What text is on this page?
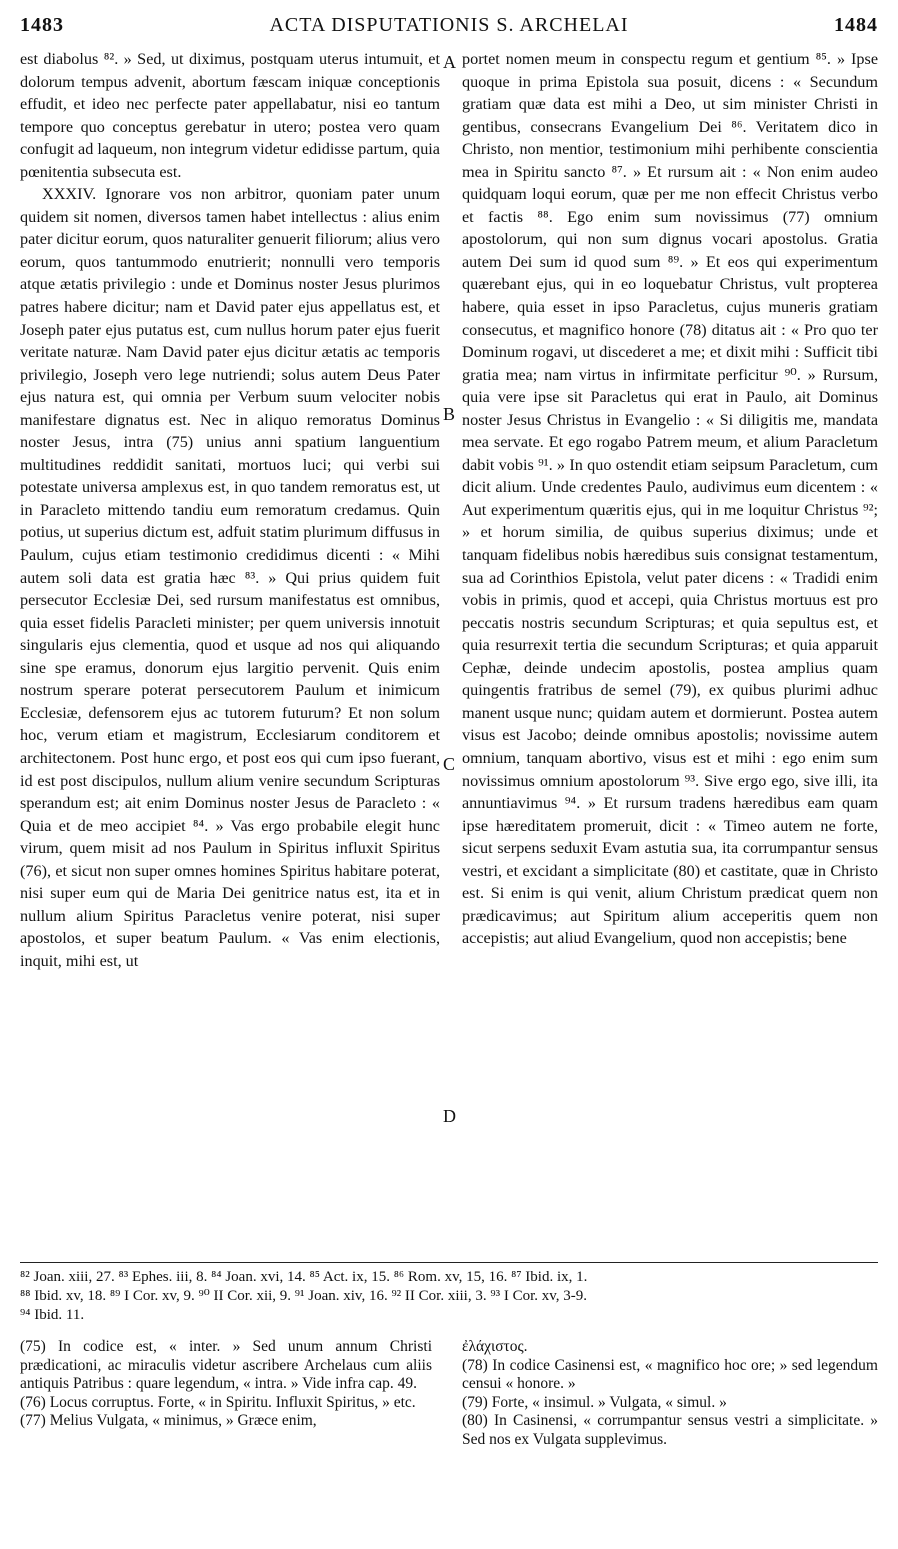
1483	ACTA DISPUTATIONIS S. ARCHELAI	1484

est diabolus ⁸². » Sed, ut diximus, postquam uterus intumuit, et dolorum tempus advenit, abortum fæscam iniquæ conceptionis effudit, et ideo nec perfecte pater appellabatur, nisi eo tantum tempore quo conceptus gerebatur in utero; postea vero quam confugit ad laqueum, non integrum videtur edidisse partum, quia pœnitentia subsecuta est.

XXXIV. Ignorare vos non arbitror, quoniam pater unum quidem sit nomen, diversos tamen habet intellectus : alius enim pater dicitur eorum, quos naturaliter genuerit filiorum; alius vero eorum, quos tantummodo enutrierit; nonnulli vero temporis atque ætatis privilegio : unde et Dominus noster Jesus plurimos patres habere dicitur; nam et David pater ejus appellatus est, et Joseph pater ejus putatus est, cum nullus horum pater ejus fuerit veritate naturæ. Nam David pater ejus dicitur ætatis ac temporis privilegio, Joseph vero lege nutriendi; solus autem Deus Pater ejus natura est, qui omnia per Verbum suum velociter nobis manifestare dignatus est. Nec in aliquo remoratus Dominus noster Jesus, intra (75) unius anni spatium languentium multitudines reddidit sanitati, mortuos luci; qui verbi sui potestate universa amplexus est, in quo tandem remoratus est, ut in Paracleto mittendo tandiu eum remoratum credamus. Quin potius, ut superius dictum est, adfuit statim plurimum diffusus in Paulum, cujus etiam testimonio credidimus dicenti : « Mihi autem soli data est gratia hæc ⁸³. » Qui prius quidem fuit persecutor Ecclesiæ Dei, sed rursum manifestatus est omnibus, quia esset fidelis Paracleti minister; per quem universis innotuit singularis ejus clementia, quod et usque ad nos qui aliquando sine spe eramus, donorum ejus largitio pervenit. Quis enim nostrum sperare poterat persecutorem Paulum et inimicum Ecclesiæ, defensorem ejus ac tutorem futurum? Et non solum hoc, verum etiam et magistrum, Ecclesiarum conditorem et architectonem. Post hunc ergo, et post eos qui cum ipso fuerant, id est post discipulos, nullum alium venire secundum Scripturas sperandum est; ait enim Dominus noster Jesus de Paracleto : « Quia et de meo accipiet ⁸⁴. » Vas ergo probabile elegit hunc virum, quem misit ad nos Paulum in Spiritus influxit Spiritus (76), et sicut non super omnes homines Spiritus habitare poterat, nisi super eum qui de Maria Dei genitrice natus est, ita et in nullum alium Spiritus Paracletus venire poterat, nisi super apostolos, et super beatum Paulum. « Vas enim electionis, inquit, mihi est, ut

A
B
C
D

portet nomen meum in conspectu regum et gentium ⁸⁵. » Ipse quoque in prima Epistola sua posuit, dicens : « Secundum gratiam quæ data est mihi a Deo, ut sim minister Christi in gentibus, consecrans Evangelium Dei ⁸⁶. Veritatem dico in Christo, non mentior, testimonium mihi perhibente conscientia mea in Spiritu sancto ⁸⁷. » Et rursum ait : « Non enim audeo quidquam loqui eorum, quæ per me non effecit Christus verbo et factis ⁸⁸. Ego enim sum novissimus (77) omnium apostolorum, qui non sum dignus vocari apostolus. Gratia autem Dei sum id quod sum ⁸⁹. » Et eos qui experimentum quærebant ejus, qui in eo loquebatur Christus, vult propterea habere, quia esset in ipso Paracletus, cujus muneris gratiam consecutus, et magnifico honore (78) ditatus ait : « Pro quo ter Dominum rogavi, ut discederet a me; et dixit mihi : Sufficit tibi gratia mea; nam virtus in infirmitate perficitur ⁹⁰. » Rursum, quia vere ipse sit Paracletus qui erat in Paulo, ait Dominus noster Jesus Christus in Evangelio : « Si diligitis me, mandata mea servate. Et ego rogabo Patrem meum, et alium Paracletum dabit vobis ⁹¹. » In quo ostendit etiam seipsum Paracletum, cum dicit alium. Unde credentes Paulo, audivimus eum dicentem : « Aut experimentum quæritis ejus, qui in me loquitur Christus ⁹²; » et horum similia, de quibus superius diximus; unde et tanquam fidelibus nobis hæredibus suis consignat testamentum, sua ad Corinthios Epistola, velut pater dicens : « Tradidi enim vobis in primis, quod et accepi, quia Christus mortuus est pro peccatis nostris secundum Scripturas; et quia sepultus est, et quia resurrexit tertia die secundum Scripturas; et quia apparuit Cephæ, deinde undecim apostolis, postea amplius quam quingentis fratribus de semel (79), ex quibus plurimi adhuc manent usque nunc; quidam autem et dormierunt. Postea autem visus est Jacobo; deinde omnibus apostolis; novissime autem omnium, tanquam abortivo, visus est et mihi : ego enim sum novissimus omnium apostolorum ⁹³. Sive ergo ego, sive illi, ita annuntiavimus ⁹⁴. » Et rursum tradens hæredibus eam quam ipse hæreditatem promeruit, dicit : « Timeo autem ne forte, sicut serpens seduxit Evam astutia sua, ita corrumpantur sensus vestri, et excidant a simplicitate (80) et castitate, quæ in Christo est. Si enim is qui venit, alium Christum prædicat quem non prædicavimus; aut Spiritum alium acceperitis quem non accepistis; aut aliud Evangelium, quod non accepistis; bene

⁸² Joan. xiii, 27. ⁸³ Ephes. iii, 8. ⁸⁴ Joan. xvi, 14. ⁸⁵ Act. ix, 15. ⁸⁶ Rom. xv, 15, 16. ⁸⁷ Ibid. ix, 1.
⁸⁸ Ibid. xv, 18. ⁸⁹ I Cor. xv, 9. ⁹⁰ II Cor. xii, 9. ⁹¹ Joan. xiv, 16. ⁹² II Cor. xiii, 3. ⁹³ I Cor. xv, 3-9.
⁹⁴ Ibid. 11.

(75) In codice est, « inter. » Sed unum annum Christi prædicationi, ac miraculis videtur ascribere Archelaus cum aliis antiquis Patribus : quare legendum, « intra. » Vide infra cap. 49.

(76) Locus corruptus. Forte, « in Spiritu. Influxit Spiritus, » etc.

(77) Melius Vulgata, « minimus, » Græce enim,

ἐλάχιστος.

(78) In codice Casinensi est, « magnifico hoc ore; » sed legendum censui « honore. »

(79) Forte, « insimul. » Vulgata, « simul. »

(80) In Casinensi, « corrumpantur sensus vestri a simplicitate. » Sed nos ex Vulgata supplevimus.
